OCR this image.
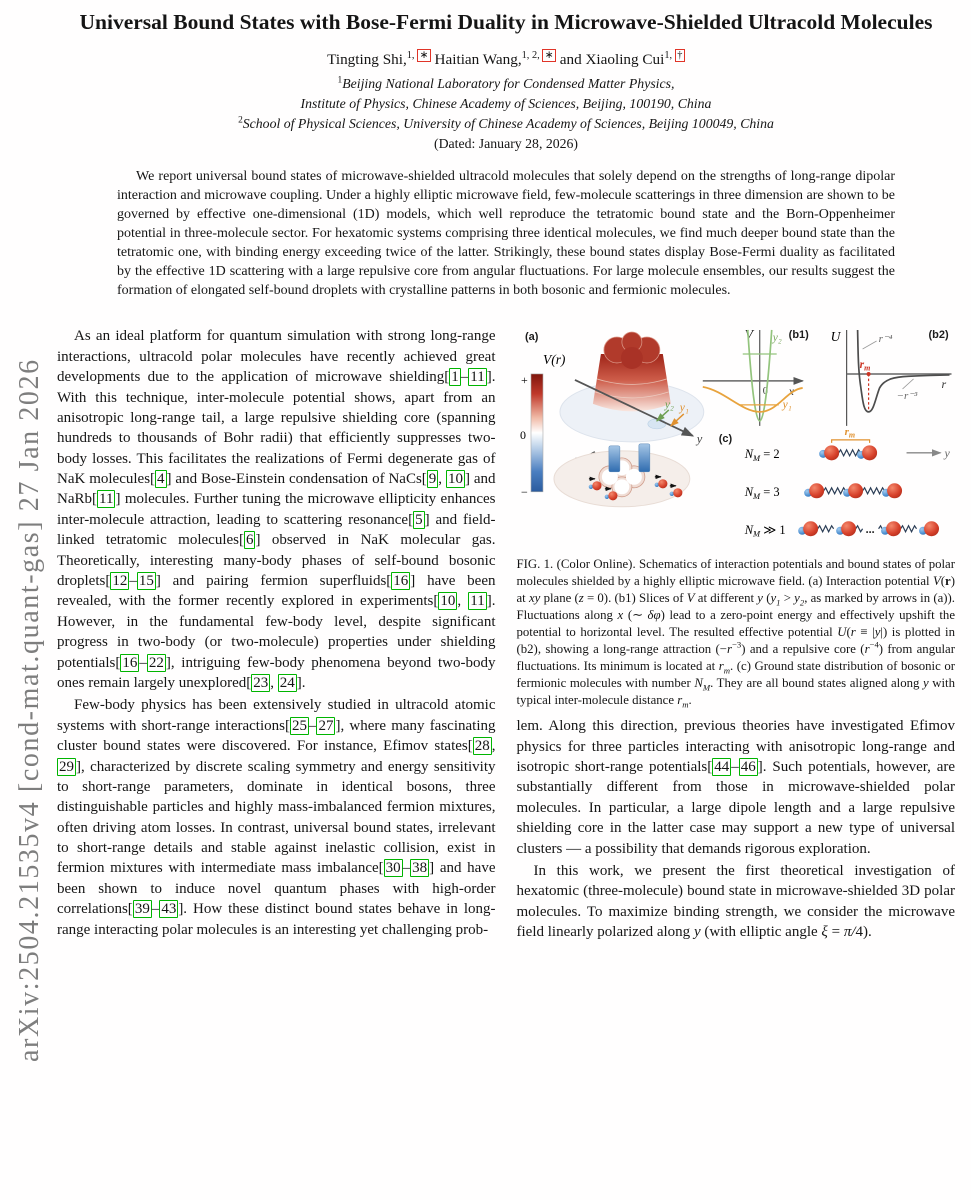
arXiv:2504.21535v4 [cond-mat.quant-gas] 27 Jan 2026
Universal Bound States with Bose-Fermi Duality in Microwave-Shielded Ultracold Molecules
Tingting Shi,$^{1,}$ ∗ Haitian Wang,$^{1, 2,}$ ∗ and Xiaoling Cui$^{1,}$ †
$^1$Beijing National Laboratory for Condensed Matter Physics,
Institute of Physics, Chinese Academy of Sciences, Beijing, 100190, China
$^2$School of Physical Sciences, University of Chinese Academy of Sciences, Beijing 100049, China
(Dated: January 28, 2026)

We report universal bound states of microwave-shielded ultracold molecules that solely depend on the strengths of long-range dipolar interaction and microwave coupling. Under a highly elliptic microwave field, few-molecule scatterings in three dimension are shown to be governed by effective one-dimensional (1D) models, which well reproduce the tetratomic bound state and the Born-Oppenheimer potential in three-molecule sector. For hexatomic systems comprising three identical molecules, we find much deeper bound state than the tetratomic one, with binding energy exceeding twice of the latter. Strikingly, these bound states display Bose-Fermi duality as facilitated by the effective 1D scattering with a large repulsive core from angular fluctuations. For large molecule ensembles, our results suggest the formation of elongated self-bound droplets with crystalline patterns in both bosonic and fermionic molecules.

As an ideal platform for quantum simulation with strong long-range interactions, ultracold polar molecules have recently achieved great developments due to the application of microwave shielding[ 1 – 11 ]. With this technique, inter-molecule potential shows, apart from an anisotropic long-range tail, a large repulsive shielding core (spanning hundreds to thousands of Bohr radii) that efficiently suppresses two-body losses. This facilitates the realizations of Fermi degenerate gas of NaK molecules[ 4 ] and Bose-Einstein condensation of NaCs[ 9 , 10 ] and NaRb[ 11 ] molecules. Further tuning the microwave ellipticity enhances inter-molecule attraction, leading to scattering resonance[ 5 ] and field-linked tetratomic molecules[ 6 ] observed in NaK molecular gas. Theoretically, interesting many-body phases of self-bound bosonic droplets[ 12 – 15 ] and pairing fermion superfluids[ 16 ] have been revealed, with the former recently explored in experiments[ 10 , 11 ]. However, in the fundamental few-body level, despite significant progress in two-body (or two-molecule) properties under shielding potentials[ 16 – 22 ], intriguing few-body phenomena beyond two-body ones remain largely unexplored[ 23 , 24 ].

Few-body physics has been extensively studied in ultracold atomic systems with short-range interactions[ 25 – 27 ], where many fascinating cluster bound states were discovered. For instance, Efimov states[ 28 , 29 ], characterized by discrete scaling symmetry and energy sensitivity to short-range parameters, dominate in identical bosons, three distinguishable particles and highly mass-imbalanced fermion mixtures, often driving atom losses. In contrast, universal bound states, irrelevant to short-range details and stable against inelastic collision, exist in fermion mixtures with intermediate mass imbalance[ 30 – 38 ] and have been shown to induce novel quantum phases with high-order correlations[ 39 – 43 ]. How these distinct bound states behave in long-range interacting polar molecules is an interesting yet challenging prob-

(a)
V(r)
+
0
−
y
y₂ y₁
(b1)
V
x
0
y₂
y₁
(b2)
U
r
$r_m$
r⁻⁴
−r⁻³
(c)
$N_M = 2$
$r_m$
y
$N_M = 3$
$N_M$ ≫ 1	...
FIG. 1. (Color Online). Schematics of interaction potentials and bound states of polar molecules shielded by a highly elliptic microwave field. (a) Interaction potential V(r) at xy plane (z = 0). (b1) Slices of V at different y ($y_1 > y_2$, as marked by arrows in (a)). Fluctuations along x (∼ δφ) lead to a zero-point energy and effectively upshift the potential to horizontal level. The resulted effective potential U(r ≡ |y|) is plotted in (b2), showing a long-range attraction $(-r^{-3})$ and a repulsive core $(r^{-4})$ from angular fluctuations. Its minimum is located at $r_m$. (c) Ground state distribution of bosonic or fermionic molecules with number $N_M$. They are all bound states aligned along y with typical inter-molecule distance $r_m$.

lem. Along this direction, previous theories have investigated Efimov physics for three particles interacting with anisotropic long-range and isotropic short-range potentials[ 44 – 46 ]. Such potentials, however, are substantially different from those in microwave-shielded polar molecules. In particular, a large dipole length and a large repulsive shielding core in the latter case may support a new type of universal clusters — a possibility that demands rigorous exploration.

In this work, we present the first theoretical investigation of hexatomic (three-molecule) bound state in microwave-shielded 3D polar molecules. To maximize binding strength, we consider the microwave field linearly polarized along y (with elliptic angle ξ = π/4).
